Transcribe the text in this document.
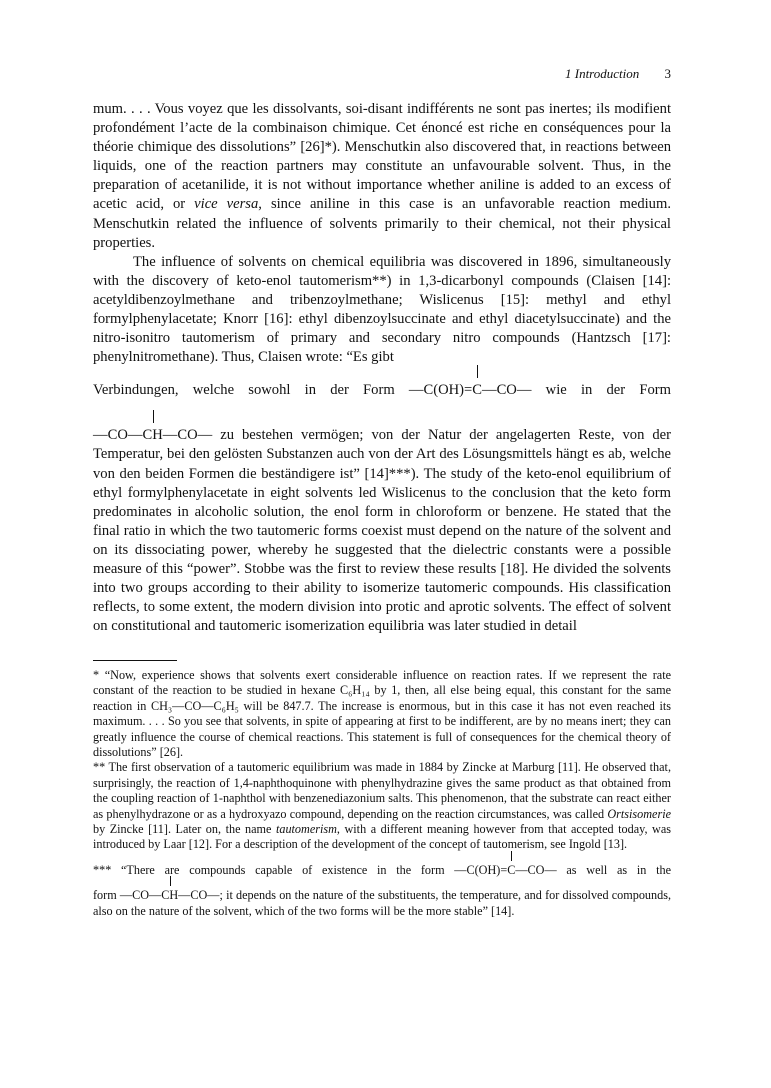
1 Introduction 3

mum. . . . Vous voyez que les dissolvants, soi-disant indifférents ne sont pas inertes; ils modifient profondément l’acte de la combinaison chimique. Cet énoncé est riche en conséquences pour la théorie chimique des dissolutions” [26]*). Menschutkin also discovered that, in reactions between liquids, one of the reaction partners may constitute an unfavourable solvent. Thus, in the preparation of acetanilide, it is not without importance whether aniline is added to an excess of acetic acid, or vice versa, since aniline in this case is an unfavorable reaction medium. Menschutkin related the influence of solvents primarily to their chemical, not their physical properties.

The influence of solvents on chemical equilibria was discovered in 1896, simultaneously with the discovery of keto-enol tautomerism**) in 1,3-dicarbonyl compounds (Claisen [14]: acetyldibenzoylmethane and tribenzoylmethane; Wislicenus [15]: methyl and ethyl formylphenylacetate; Knorr [16]: ethyl dibenzoylsuccinate and ethyl diacetylsuccinate) and the nitro-isonitro tautomerism of primary and secondary nitro compounds (Hantzsch [17]: phenylnitromethane). Thus, Claisen wrote: “Es gibt

Verbindungen, welche sowohl in der Form —C(OH)=
C—CO— wie in der Form

—CO—
CH—CO— zu bestehen vermögen; von der Natur der angelagerten Reste, von der Temperatur, bei den gelösten Substanzen auch von der Art des Lösungsmittels hängt es ab, welche von den beiden Formen die beständigere ist” [14]***). The study of the keto-enol equilibrium of ethyl formylphenylacetate in eight solvents led Wislicenus to the conclusion that the keto form predominates in alcoholic solution, the enol form in chloroform or benzene. He stated that the final ratio in which the two tautomeric forms coexist must depend on the nature of the solvent and on its dissociating power, whereby he suggested that the dielectric constants were a possible measure of this “power”. Stobbe was the first to review these results [18]. He divided the solvents into two groups according to their ability to isomerize tautomeric compounds. His classification reflects, to some extent, the modern division into protic and aprotic solvents. The effect of solvent on constitutional and tautomeric isomerization equilibria was later studied in detail

* “Now, experience shows that solvents exert considerable influence on reaction rates. If we represent the rate constant of the reaction to be studied in hexane C₆H₁₄ by 1, then, all else being equal, this constant for the same reaction in CH₃—CO—C₆H₅ will be 847.7. The increase is enormous, but in this case it has not even reached its maximum. . . . So you see that solvents, in spite of appearing at first to be indifferent, are by no means inert; they can greatly influence the course of chemical reactions. This statement is full of consequences for the chemical theory of dissolutions” [26].

** The first observation of a tautomeric equilibrium was made in 1884 by Zincke at Marburg [11]. He observed that, surprisingly, the reaction of 1,4-naphthoquinone with phenylhydrazine gives the same product as that obtained from the coupling reaction of 1-naphthol with benzenediazonium salts. This phenomenon, that the substrate can react either as phenylhydrazone or as a hydroxyazo compound, depending on the reaction circumstances, was called Ortsisomerie by Zincke [11]. Later on, the name tautomerism, with a different meaning however from that accepted today, was introduced by Laar [12]. For a description of the development of the concept of tautomerism, see Ingold [13].

*** “There are compounds capable of existence in the form —C(OH)=
C—CO— as well as in the

form —CO—
CH—CO—; it depends on the nature of the substituents, the temperature, and for dissolved compounds, also on the nature of the solvent, which of the two forms will be the more stable” [14].
